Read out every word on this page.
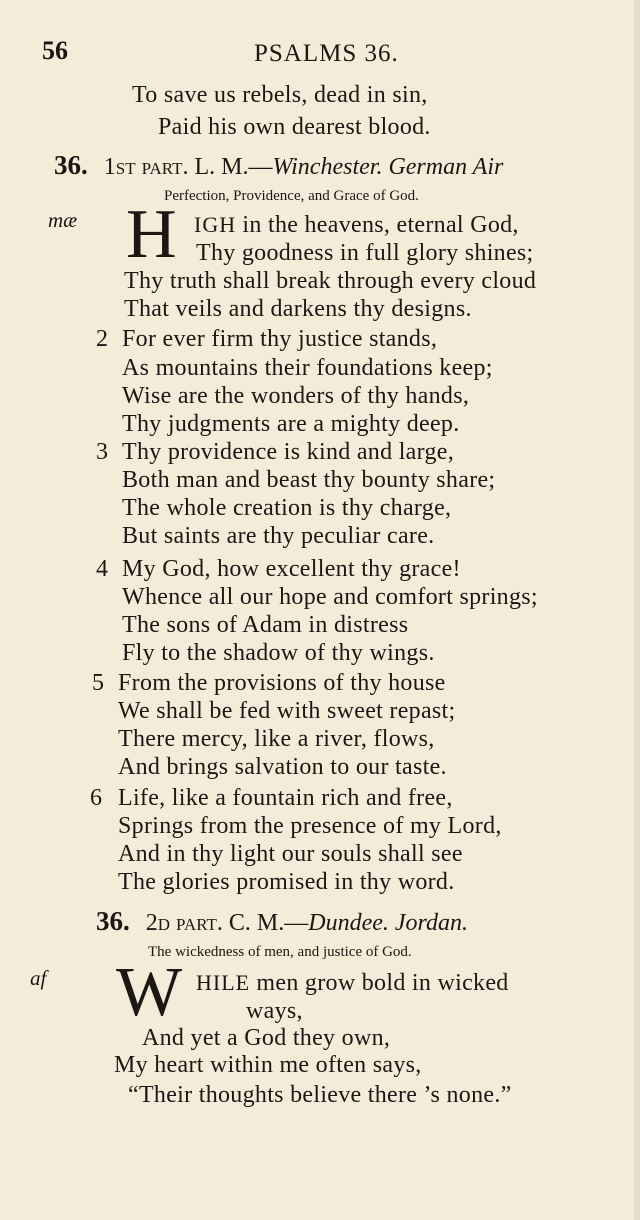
56	PSALMS 36.
To save us rebels, dead in sin,
Paid his own dearest blood.
36. 1st part. L. M.—Winchester. German Air
Perfection, Providence, and Grace of God.
mæ H IGH in the heavens, eternal God,
Thy goodness in full glory shines;
Thy truth shall break through every cloud
That veils and darkens thy designs.
2 For ever firm thy justice stands,
As mountains their foundations keep;
Wise are the wonders of thy hands,
Thy judgments are a mighty deep.
3 Thy providence is kind and large,
Both man and beast thy bounty share;
The whole creation is thy charge,
But saints are thy peculiar care.
4 My God, how excellent thy grace!
Whence all our hope and comfort springs;
The sons of Adam in distress
Fly to the shadow of thy wings.
5 From the provisions of thy house
We shall be fed with sweet repast;
There mercy, like a river, flows,
And brings salvation to our taste.
6 Life, like a fountain rich and free,
Springs from the presence of my Lord,
And in thy light our souls shall see
The glories promised in thy word.
36. 2d part. C. M.—Dundee. Jordan.
The wickedness of men, and justice of God.
af W HILE men grow bold in wicked
ways,
And yet a God they own,
My heart within me often says,
“Their thoughts believe there ’s none.”
